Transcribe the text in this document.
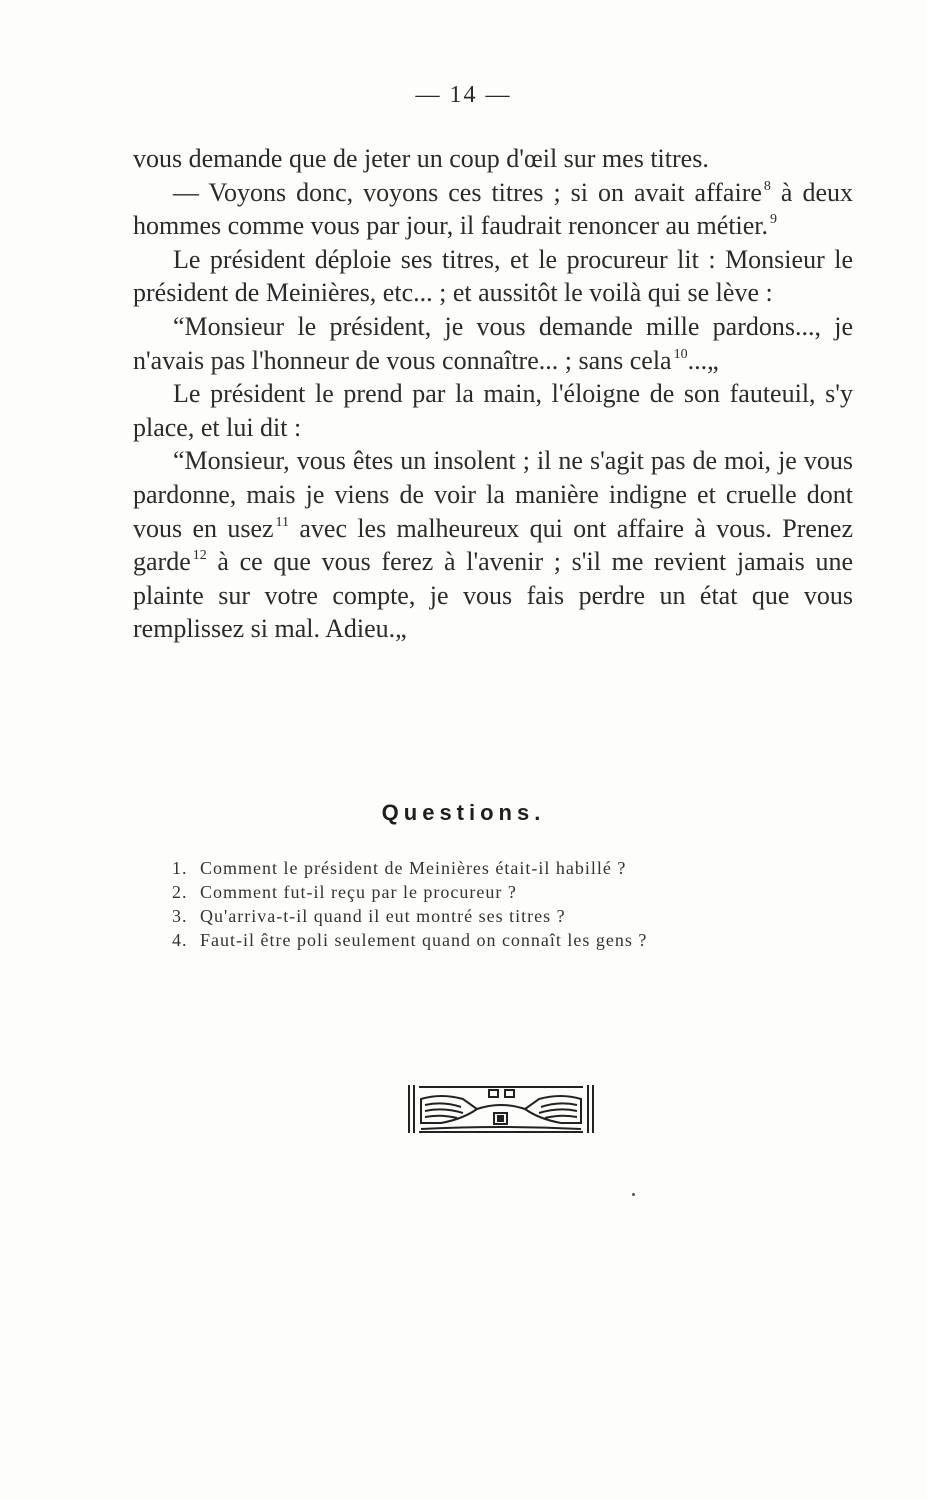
— 14 —

vous demande que de jeter un coup d'œil sur mes titres.

— Voyons donc, voyons ces titres ; si on avait affaire $^8$ à deux hommes comme vous par jour, il faudrait renoncer au métier. $^9$

Le président déploie ses titres, et le procureur lit : Monsieur le président de Meinières, etc... ; et aussitôt le voilà qui se lève :

“Monsieur le président, je vous demande mille pardons..., je n'avais pas l'honneur de vous connaître... ; sans cela $^{10}$...„

Le président le prend par la main, l'éloigne de son fauteuil, s'y place, et lui dit :

“Monsieur, vous êtes un insolent ; il ne s'agit pas de moi, je vous pardonne, mais je viens de voir la manière indigne et cruelle dont vous en usez $^{11}$ avec les malheureux qui ont affaire à vous. Prenez garde $^{12}$ à ce que vous ferez à l'avenir ; s'il me revient jamais une plainte sur votre compte, je vous fais perdre un état que vous remplissez si mal. Adieu.„

Questions.
1. Comment le président de Meinières était-il habillé ?
2. Comment fut-il reçu par le procureur ?
3. Qu'arriva-t-il quand il eut montré ses titres ?
4. Faut-il être poli seulement quand on connaît les gens ?
